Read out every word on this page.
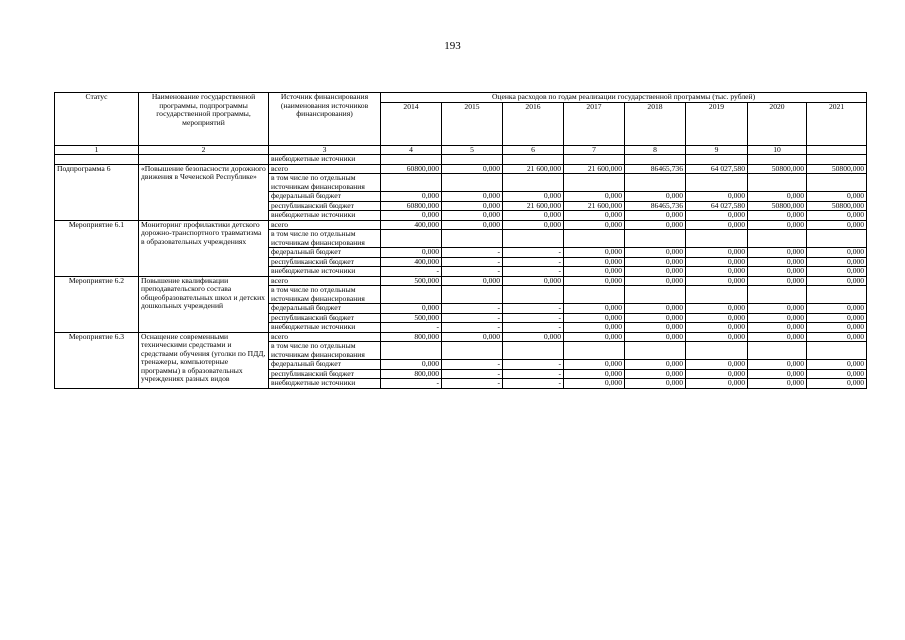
193
Статус	Наименование государственной программы, подпрограммы государственной программы, мероприятий	Источник финансирования (наименования источников финансирования)	Оценка расходов по годам реализации государственной программы (тыс. рублей)							
			2014	2015	2016	2017	2018	2019	2020	2021
1	2	3	4	5	6	7	8	9	10	
		внебюджетные источники								
Подпрограмма 6	«Повышение безопасности дорожного движения в Чеченской Республике»	всего	60800,000	0,000	21 600,000	21 600,000	86465,736	64 027,580	50800,000	50800,000
		в том числе по отдельным источникам финансирования								
		федеральный бюджет	0,000	0,000	0,000	0,000	0,000	0,000	0,000	0,000
		республиканский бюджет	60800,000	0,000	21 600,000	21 600,000	86465,736	64 027,580	50800,000	50800,000
		внебюджетные источники	0,000	0,000	0,000	0,000	0,000	0,000	0,000	0,000
Мероприятие 6.1	Мониторинг профилактики детского дорожно-транспортного травматизма в образовательных учреждениях	всего	400,000	0,000	0,000	0,000	0,000	0,000	0,000	0,000
		в том числе по отдельным источникам финансирования								
		федеральный бюджет	0,000	-	-	0,000	0,000	0,000	0,000	0,000
		республиканский бюджет	400,000	-	-	0,000	0,000	0,000	0,000	0,000
		внебюджетные источники	-	-	-	0,000	0,000	0,000	0,000	0,000
Мероприятие 6.2	Повышение квалификации преподавательского состава общеобразовательных школ и детских дошкольных учреждений	всего	500,000	0,000	0,000	0,000	0,000	0,000	0,000	0,000
		в том числе по отдельным источникам финансирования								
		федеральный бюджет	0,000	-	-	0,000	0,000	0,000	0,000	0,000
		республиканский бюджет	500,000	-	-	0,000	0,000	0,000	0,000	0,000
		внебюджетные источники	-	-	-	0,000	0,000	0,000	0,000	0,000
Мероприятие 6.3	Оснащение современными техническими средствами и средствами обучения (уголки по ПДД, тренажеры, компьютерные программы) в образовательных учреждениях разных видов	всего	800,000	0,000	0,000	0,000	0,000	0,000	0,000	0,000
		в том числе по отдельным источникам финансирования								
		федеральный бюджет	0,000	-	-	0,000	0,000	0,000	0,000	0,000
		республиканский бюджет	800,000	-	-	0,000	0,000	0,000	0,000	0,000
		внебюджетные источники	-	-	-	0,000	0,000	0,000	0,000	0,000
